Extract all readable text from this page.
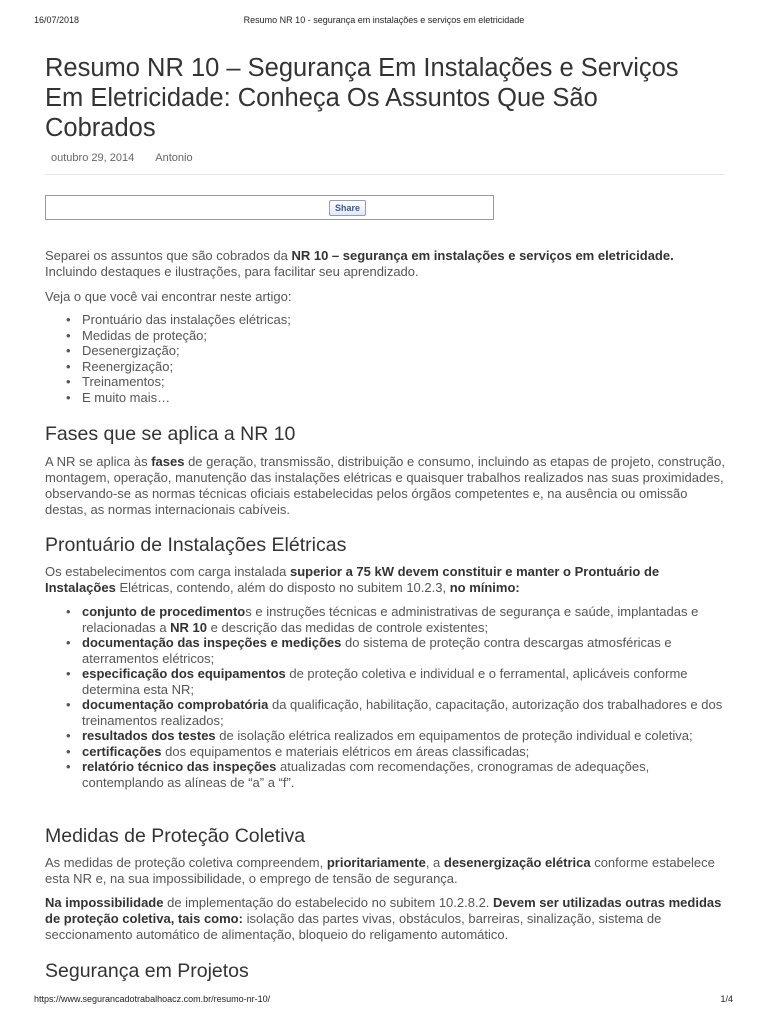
16/07/2018	Resumo NR 10 - segurança em instalações e serviços em eletricidade
Resumo NR 10 – Segurança Em Instalações e Serviços Em Eletricidade: Conheça Os Assuntos Que São Cobrados
outubro 29, 2014 Antonio
Share

Separei os assuntos que são cobrados da NR 10 – segurança em instalações e serviços em eletricidade. Incluindo destaques e ilustrações, para facilitar seu aprendizado.

Veja o que você vai encontrar neste artigo:

• Prontuário das instalações elétricas;
• Medidas de proteção;
• Desenergização;
• Reenergização;
• Treinamentos;
• E muito mais…
Fases que se aplica a NR 10

A NR se aplica às fases de geração, transmissão, distribuição e consumo, incluindo as etapas de projeto, construção, montagem, operação, manutenção das instalações elétricas e quaisquer trabalhos realizados nas suas proximidades, observando-se as normas técnicas oficiais estabelecidas pelos órgãos competentes e, na ausência ou omissão destas, as normas internacionais cabíveis.

Prontuário de Instalações Elétricas

Os estabelecimentos com carga instalada superior a 75 kW devem constituir e manter o Prontuário de Instalações Elétricas, contendo, além do disposto no subitem 10.2.3, no mínimo:

• conjunto de procedimentos e instruções técnicas e administrativas de segurança e saúde, implantadas e relacionadas a NR 10 e descrição das medidas de controle existentes;
• documentação das inspeções e medições do sistema de proteção contra descargas atmosféricas e aterramentos elétricos;
• especificação dos equipamentos de proteção coletiva e individual e o ferramental, aplicáveis conforme determina esta NR;
• documentação comprobatória da qualificação, habilitação, capacitação, autorização dos trabalhadores e dos treinamentos realizados;
• resultados dos testes de isolação elétrica realizados em equipamentos de proteção individual e coletiva;
• certificações dos equipamentos e materiais elétricos em áreas classificadas;
• relatório técnico das inspeções atualizadas com recomendações, cronogramas de adequações, contemplando as alíneas de “a” a “f”.
Medidas de Proteção Coletiva

As medidas de proteção coletiva compreendem, prioritariamente, a desenergização elétrica conforme estabelece esta NR e, na sua impossibilidade, o emprego de tensão de segurança.

Na impossibilidade de implementação do estabelecido no subitem 10.2.8.2. Devem ser utilizadas outras medidas de proteção coletiva, tais como: isolação das partes vivas, obstáculos, barreiras, sinalização, sistema de seccionamento automático de alimentação, bloqueio do religamento automático.

Segurança em Projetos
https://www.segurancadotrabalhoacz.com.br/resumo-nr-10/	1/4
